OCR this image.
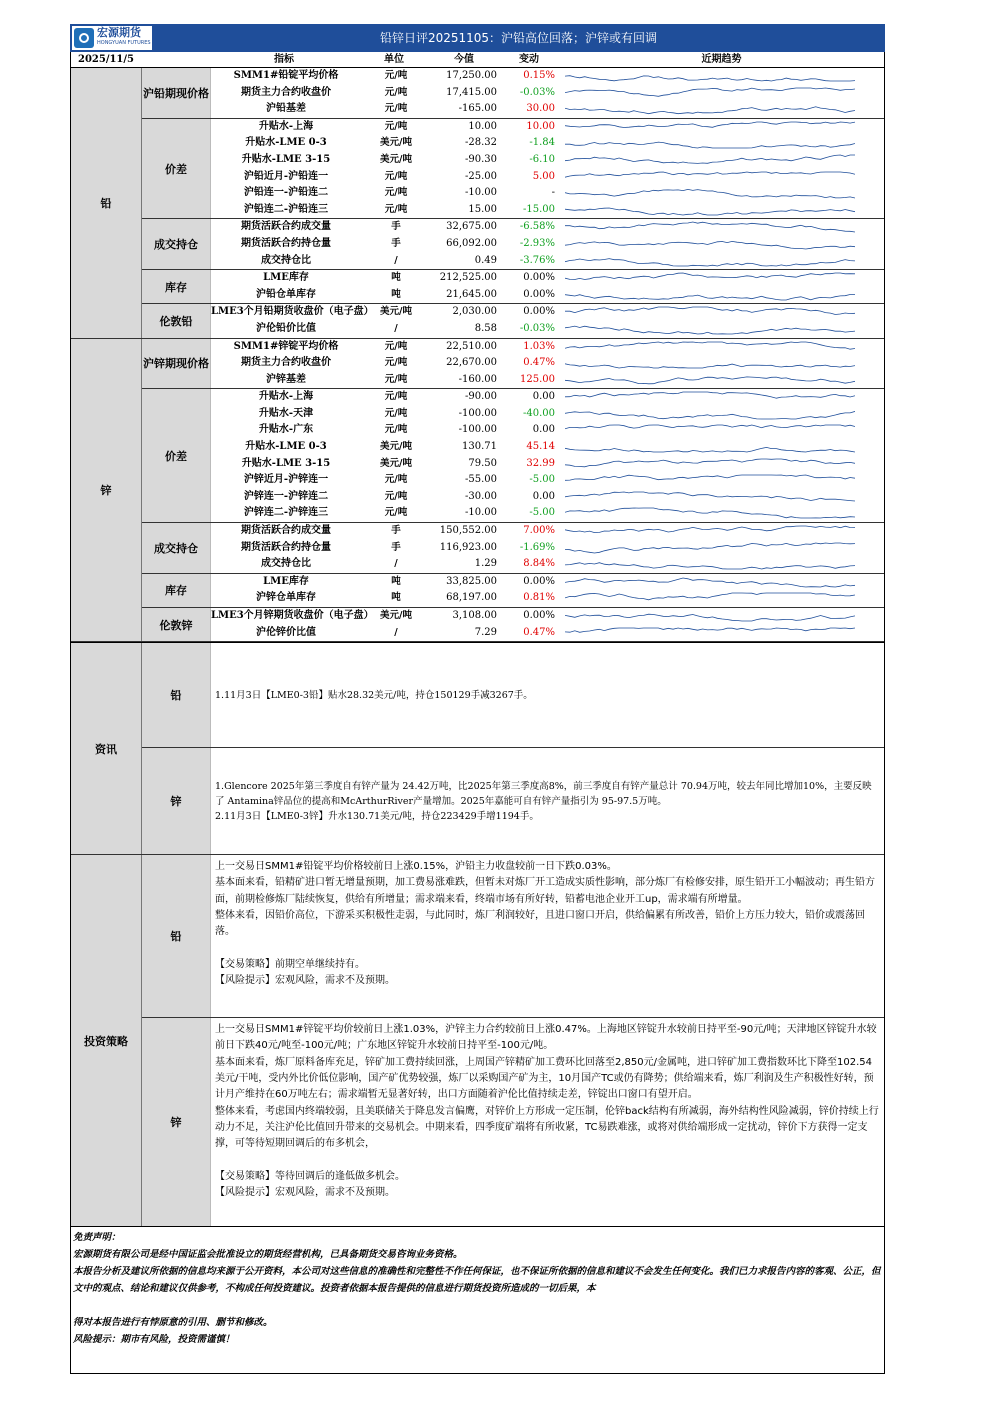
宏源期货
HONGYUAN FUTURES	铅锌日评20251105：沪铅高位回落；沪锌或有回调
2025/11/5	指标	单位	今值	变动	近期趋势
铅
沪铅期现价格
SMM1#铅锭平均价格	元/吨	17,250.00	0.15%
期货主力合约收盘价	元/吨	17,415.00	-0.03%
沪铅基差	元/吨	-165.00	30.00
价差
升贴水-上海	元/吨	10.00	10.00
升贴水-LME 0-3	美元/吨	-28.32	-1.84
升贴水-LME 3-15	美元/吨	-90.30	-6.10
沪铅近月-沪铅连一	元/吨	-25.00	5.00
沪铅连一-沪铅连二	元/吨	-10.00	-
沪铅连二-沪铅连三	元/吨	15.00	-15.00
成交持仓
期货活跃合约成交量	手	32,675.00	-6.58%
期货活跃合约持仓量	手	66,092.00	-2.93%
成交持仓比	/	0.49	-3.76%
库存
LME库存	吨	212,525.00	0.00%
沪铅仓单库存	吨	21,645.00	0.00%
伦敦铅
LME3个月铅期货收盘价（电子盘） 美元/吨	2,030.00	0.00%
沪伦铅价比值	/	8.58	-0.03%
锌
沪锌期现价格
SMM1#锌锭平均价格	元/吨	22,510.00	1.03%
期货主力合约收盘价	元/吨	22,670.00	0.47%
沪锌基差	元/吨	-160.00	125.00
价差
升贴水-上海	元/吨	-90.00	0.00
升贴水-天津	元/吨	-100.00	-40.00
升贴水-广东	元/吨	-100.00	0.00
升贴水-LME 0-3	美元/吨	130.71	45.14
升贴水-LME 3-15	美元/吨	79.50	32.99
沪锌近月-沪锌连一	元/吨	-55.00	-5.00
沪锌连一-沪锌连二	元/吨	-30.00	0.00
沪锌连二-沪锌连三	元/吨	-10.00	-5.00
成交持仓
期货活跃合约成交量	手	150,552.00	7.00%
期货活跃合约持仓量	手	116,923.00	-1.69%
成交持仓比	/	1.29	8.84%
库存
LME库存	吨	33,825.00	0.00%
沪锌仓单库存	吨	68,197.00	0.81%
伦敦锌
LME3个月锌期货收盘价（电子盘） 美元/吨	3,108.00	0.00%
沪伦锌价比值	/	7.29	0.47%
资讯
铅	1.11月3日【LME0-3铅】贴水28.32美元/吨，持仓150129手减3267手。
锌
1.Glencore 2025年第三季度自有锌产量为 24.42万吨，比2025年第三季度高8%，前三季度自有锌产量总计 70.94万吨，较去年同比增加10%，主要反映了 Antamina锌品位的提高和McArthurRiver产量增加。2025年嘉能可自有锌产量指引为 95-97.5万吨。
2.11月3日【LME0-3锌】升水130.71美元/吨，持仓223429手增1194手。
投资策略
铅

上一交易日SMM1#铅锭平均价格较前日上涨0.15%，沪铅主力收盘较前一日下跌0.03%。

基本面来看，铅精矿进口暂无增量预期，加工费易涨难跌，但暂未对炼厂开工造成实质性影响，部分炼厂有检修安排，原生铅开工小幅波动；再生铅方面，前期检修炼厂陆续恢复，供给有所增量；需求端来看，终端市场有所好转，铅蓄电池企业开工up，需求端有所增量。

整体来看，因铅价高位，下游采买积极性走弱，与此同时，炼厂利润较好，且进口窗口开启，供给偏累有所改善，铅价上方压力较大，铅价或震荡回落。

【交易策略】前期空单继续持有。

【风险提示】宏观风险，需求不及预期。

锌

上一交易日SMM1#锌锭平均价较前日上涨1.03%，沪锌主力合约较前日上涨0.47%。上海地区锌锭升水较前日持平至-90元/吨；天津地区锌锭升水较前日下跌40元/吨至-100元/吨；广东地区锌锭升水较前日持平至-100元/吨。

基本面来看，炼厂原料备库充足，锌矿加工费持续回涨，上周国产锌精矿加工费环比回落至2,850元/金属吨，进口锌矿加工费指数环比下降至102.54美元/干吨，受内外比价低位影响，国产矿优势较强，炼厂以采购国产矿为主，10月国产TC或仍有降势；供给端来看，炼厂利润及生产积极性好转，预计月产维持在60万吨左右；需求端暂无显著好转，出口方面随着沪伦比值持续走差，锌锭出口窗口有望开启。

整体来看，考虑国内终端较弱，且美联储关于降息发言偏鹰，对锌价上方形成一定压制，伦锌back结构有所减弱，海外结构性风险减弱，锌价持续上行动力不足，关注沪伦比值回升带来的交易机会。中期来看，四季度矿端将有所收紧，TC易跌难涨，或将对供给端形成一定扰动，锌价下方获得一定支撑，可等待短期回调后的布多机会，

【交易策略】等待回调后的逢低做多机会。

【风险提示】宏观风险，需求不及预期。

免责声明：

宏源期货有限公司是经中国证监会批准设立的期货经营机构，已具备期货交易咨询业务资格。

本报告分析及建议所依据的信息均来源于公开资料，本公司对这些信息的准确性和完整性不作任何保证，也不保证所依据的信息和建议不会发生任何变化。我们已力求报告内容的客观、公正，但文中的观点、结论和建议仅供参考，不构成任何投资建议。投资者依据本报告提供的信息进行期货投资所造成的一切后果，本

得对本报告进行有悖原意的引用、删节和修改。

风险提示：期市有风险，投资需谨慎！
